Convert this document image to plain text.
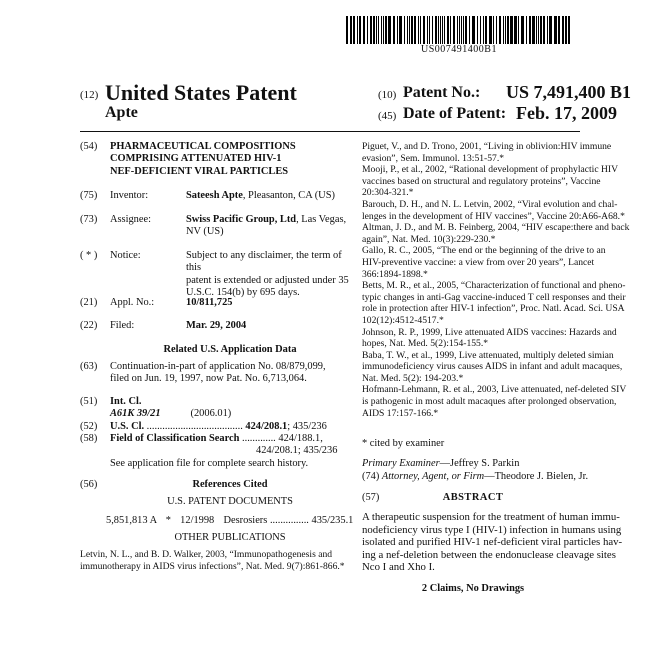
US007491400B1
(12) United States Patent
Apte
(10) Patent No.: US 7,491,400 B1
(45) Date of Patent: Feb. 17, 2009
(54)	PHARMACEUTICAL COMPOSITIONS
COMPRISING ATTENUATED HIV-1
NEF-DEFICIENT VIRAL PARTICLES
(75)	Inventor:	Sateesh Apte, Pleasanton, CA (US)
(73)	Assignee:	Swiss Pacific Group, Ltd, Las Vegas,
NV (US)
( * )	Notice:	Subject to any disclaimer, the term of this
patent is extended or adjusted under 35
U.S.C. 154(b) by 695 days.
(21)	Appl. No.:	10/811,725
(22)	Filed:	Mar. 29, 2004
Related U.S. Application Data
(63)	Continuation-in-part of application No. 08/879,099,
filed on Jun. 19, 1997, now Pat. No. 6,713,064.
(51)	Int. Cl.
A61K 39/21	(2006.01)
(52)	U.S. Cl. ..................................... 424/208.1; 435/236
(58)	Field of Classification Search ............. 424/188.1,
424/208.1; 435/236
See application file for complete search history.
(56)	References Cited
U.S. PATENT DOCUMENTS
5,851,813 A * 12/1998 Desrosiers ............... 435/235.1
OTHER PUBLICATIONS
Letvin, N. L., and B. D. Walker, 2003, “Immunopathogenesis and
immunotherapy in AIDS virus infections”, Nat. Med. 9(7):861-866.*
Piguet, V., and D. Trono, 2001, “Living in oblivion:HIV immune
evasion”, Sem. Immunol. 13:51-57.*
Mooji, P., et al., 2002, “Rational development of prophylactic HIV
vaccines based on structural and regulatory proteins”, Vaccine
20:304-321.*
Barouch, D. H., and N. L. Letvin, 2002, “Viral evolution and chal-
lenges in the development of HIV vaccines”, Vaccine 20:A66-A68.*
Altman, J. D., and M. B. Feinberg, 2004, “HIV escape:there and back
again”, Nat. Med. 10(3):229-230.*
Gallo, R. C., 2005, “The end or the beginning of the drive to an
HIV-preventive vaccine: a view from over 20 years”, Lancet
366:1894-1898.*
Betts, M. R., et al., 2005, “Characterization of functional and pheno-
typic changes in anti-Gag vaccine-induced T cell responses and their
role in protection after HIV-1 infection”, Proc. Natl. Acad. Sci. USA
102(12):4512-4517.*
Johnson, R. P., 1999, Live attenuated AIDS vaccines: Hazards and
hopes, Nat. Med. 5(2):154-155.*
Baba, T. W., et al., 1999, Live attenuated, multiply deleted simian
immunodeficiency virus causes AIDS in infant and adult macaques,
Nat. Med. 5(2): 194-203.*
Hofmann-Lehmann, R. et al., 2003, Live attenuated, nef-deleted SIV
is pathogenic in most adult macaques after prolonged observation,
AIDS 17:157-166.*
* cited by examiner
Primary Examiner—Jeffrey S. Parkin
(74) Attorney, Agent, or Firm—Theodore J. Bielen, Jr.
(57)	ABSTRACT
A therapeutic suspension for the treatment of human immu-
nodeficiency virus type I (HIV-1) infection in humans using
isolated and purified HIV-1 nef-deficient viral particles hav-
ing a nef-deletion between the endonuclease cleavage sites
Nco I and Xho I.
2 Claims, No Drawings
